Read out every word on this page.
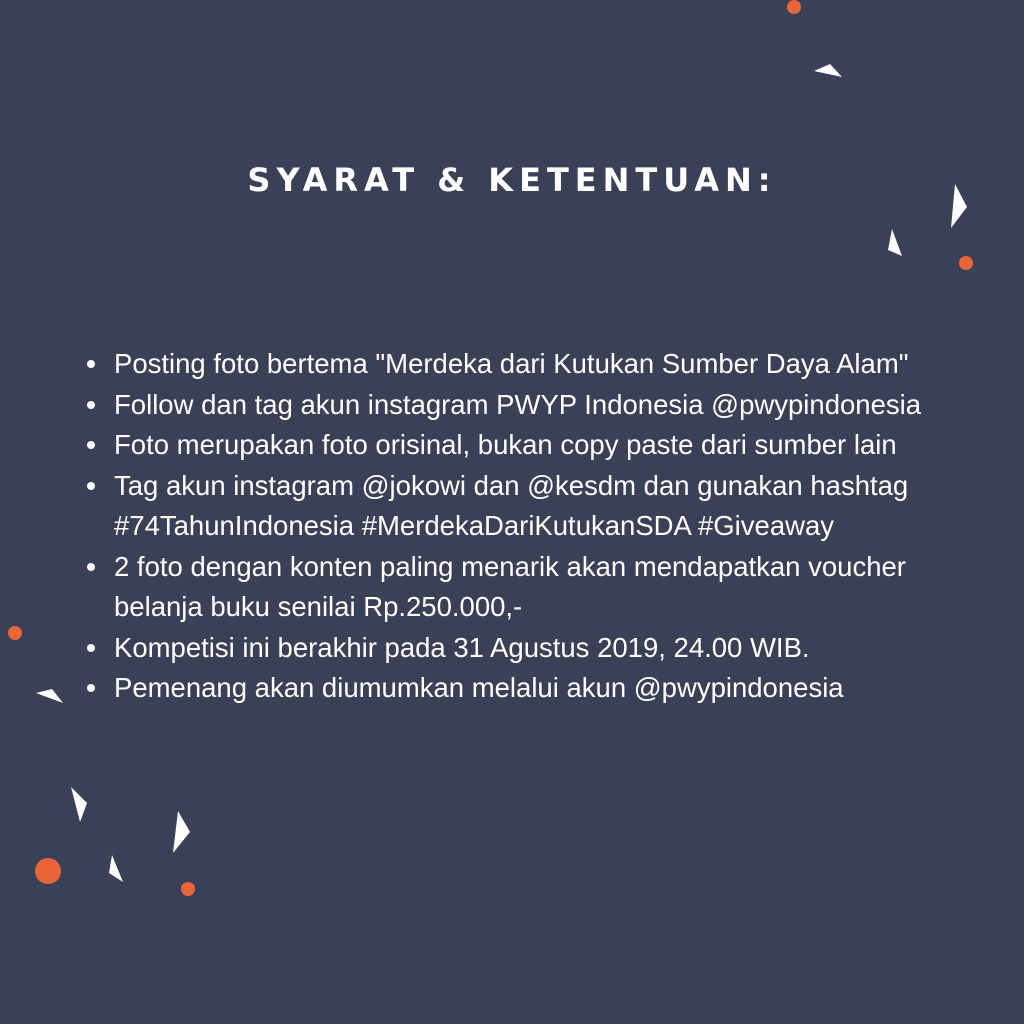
SYARAT & KETENTUAN:
Posting foto bertema "Merdeka dari Kutukan Sumber Daya Alam"
Follow dan tag akun instagram PWYP Indonesia @pwypindonesia
Foto merupakan foto orisinal, bukan copy paste dari sumber lain
Tag akun instagram @jokowi dan @kesdm dan gunakan hashtag
#74TahunIndonesia #MerdekaDariKutukanSDA #Giveaway
2 foto dengan konten paling menarik akan mendapatkan voucher
belanja buku senilai Rp.250.000,-
Kompetisi ini berakhir pada 31 Agustus 2019, 24.00 WIB.
Pemenang akan diumumkan melalui akun @pwypindonesia
